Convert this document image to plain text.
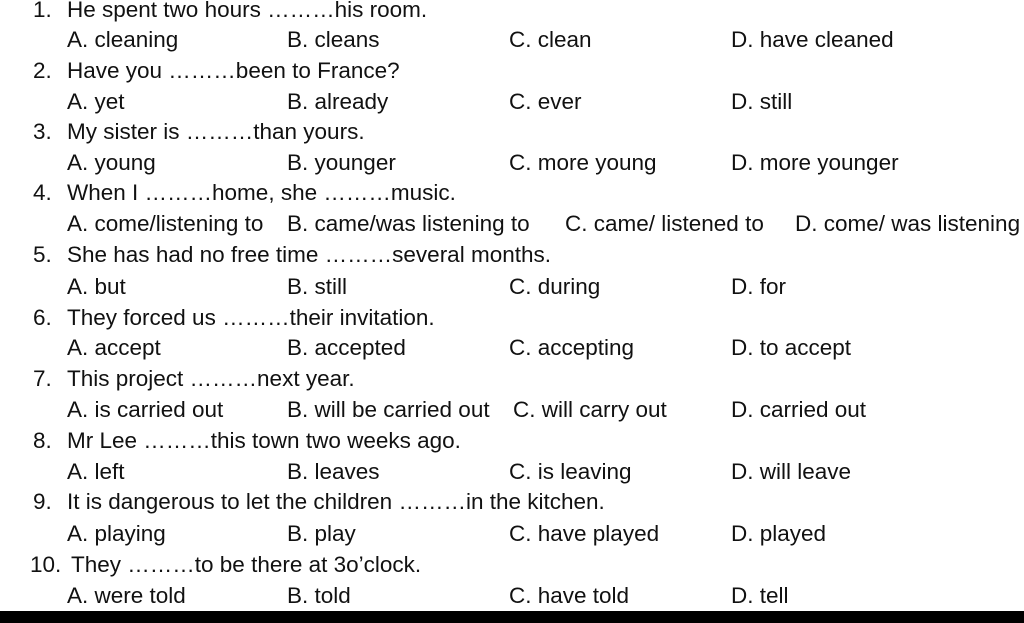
1. He spent two hours ………his room.
A. cleaning	B. cleans	C. clean	D. have cleaned
2. Have you ………been to France?
A. yet	B. already	C. ever	D. still
3. My sister is ………than yours.
A. young	B. younger	C. more young	D. more younger
4. When I ………home, she ………music.
A. come/listening to B. came/was listening to C. came/ listened to D. come/ was listening
5. She has had no free time ………several months.
A. but	B. still	C. during	D. for
6. They forced us ………their invitation.
A. accept	B. accepted	C. accepting	D. to accept
7. This project ………next year.
A. is carried out	B. will be carried out C. will carry out	D. carried out
8. Mr Lee ………this town two weeks ago.
A. left	B. leaves	C. is leaving	D. will leave
9. It is dangerous to let the children ………in the kitchen.
A. playing	B. play	C. have played	D. played
10. They ………to be there at 3o’clock.
A. were told	B. told	C. have told	D. tell
